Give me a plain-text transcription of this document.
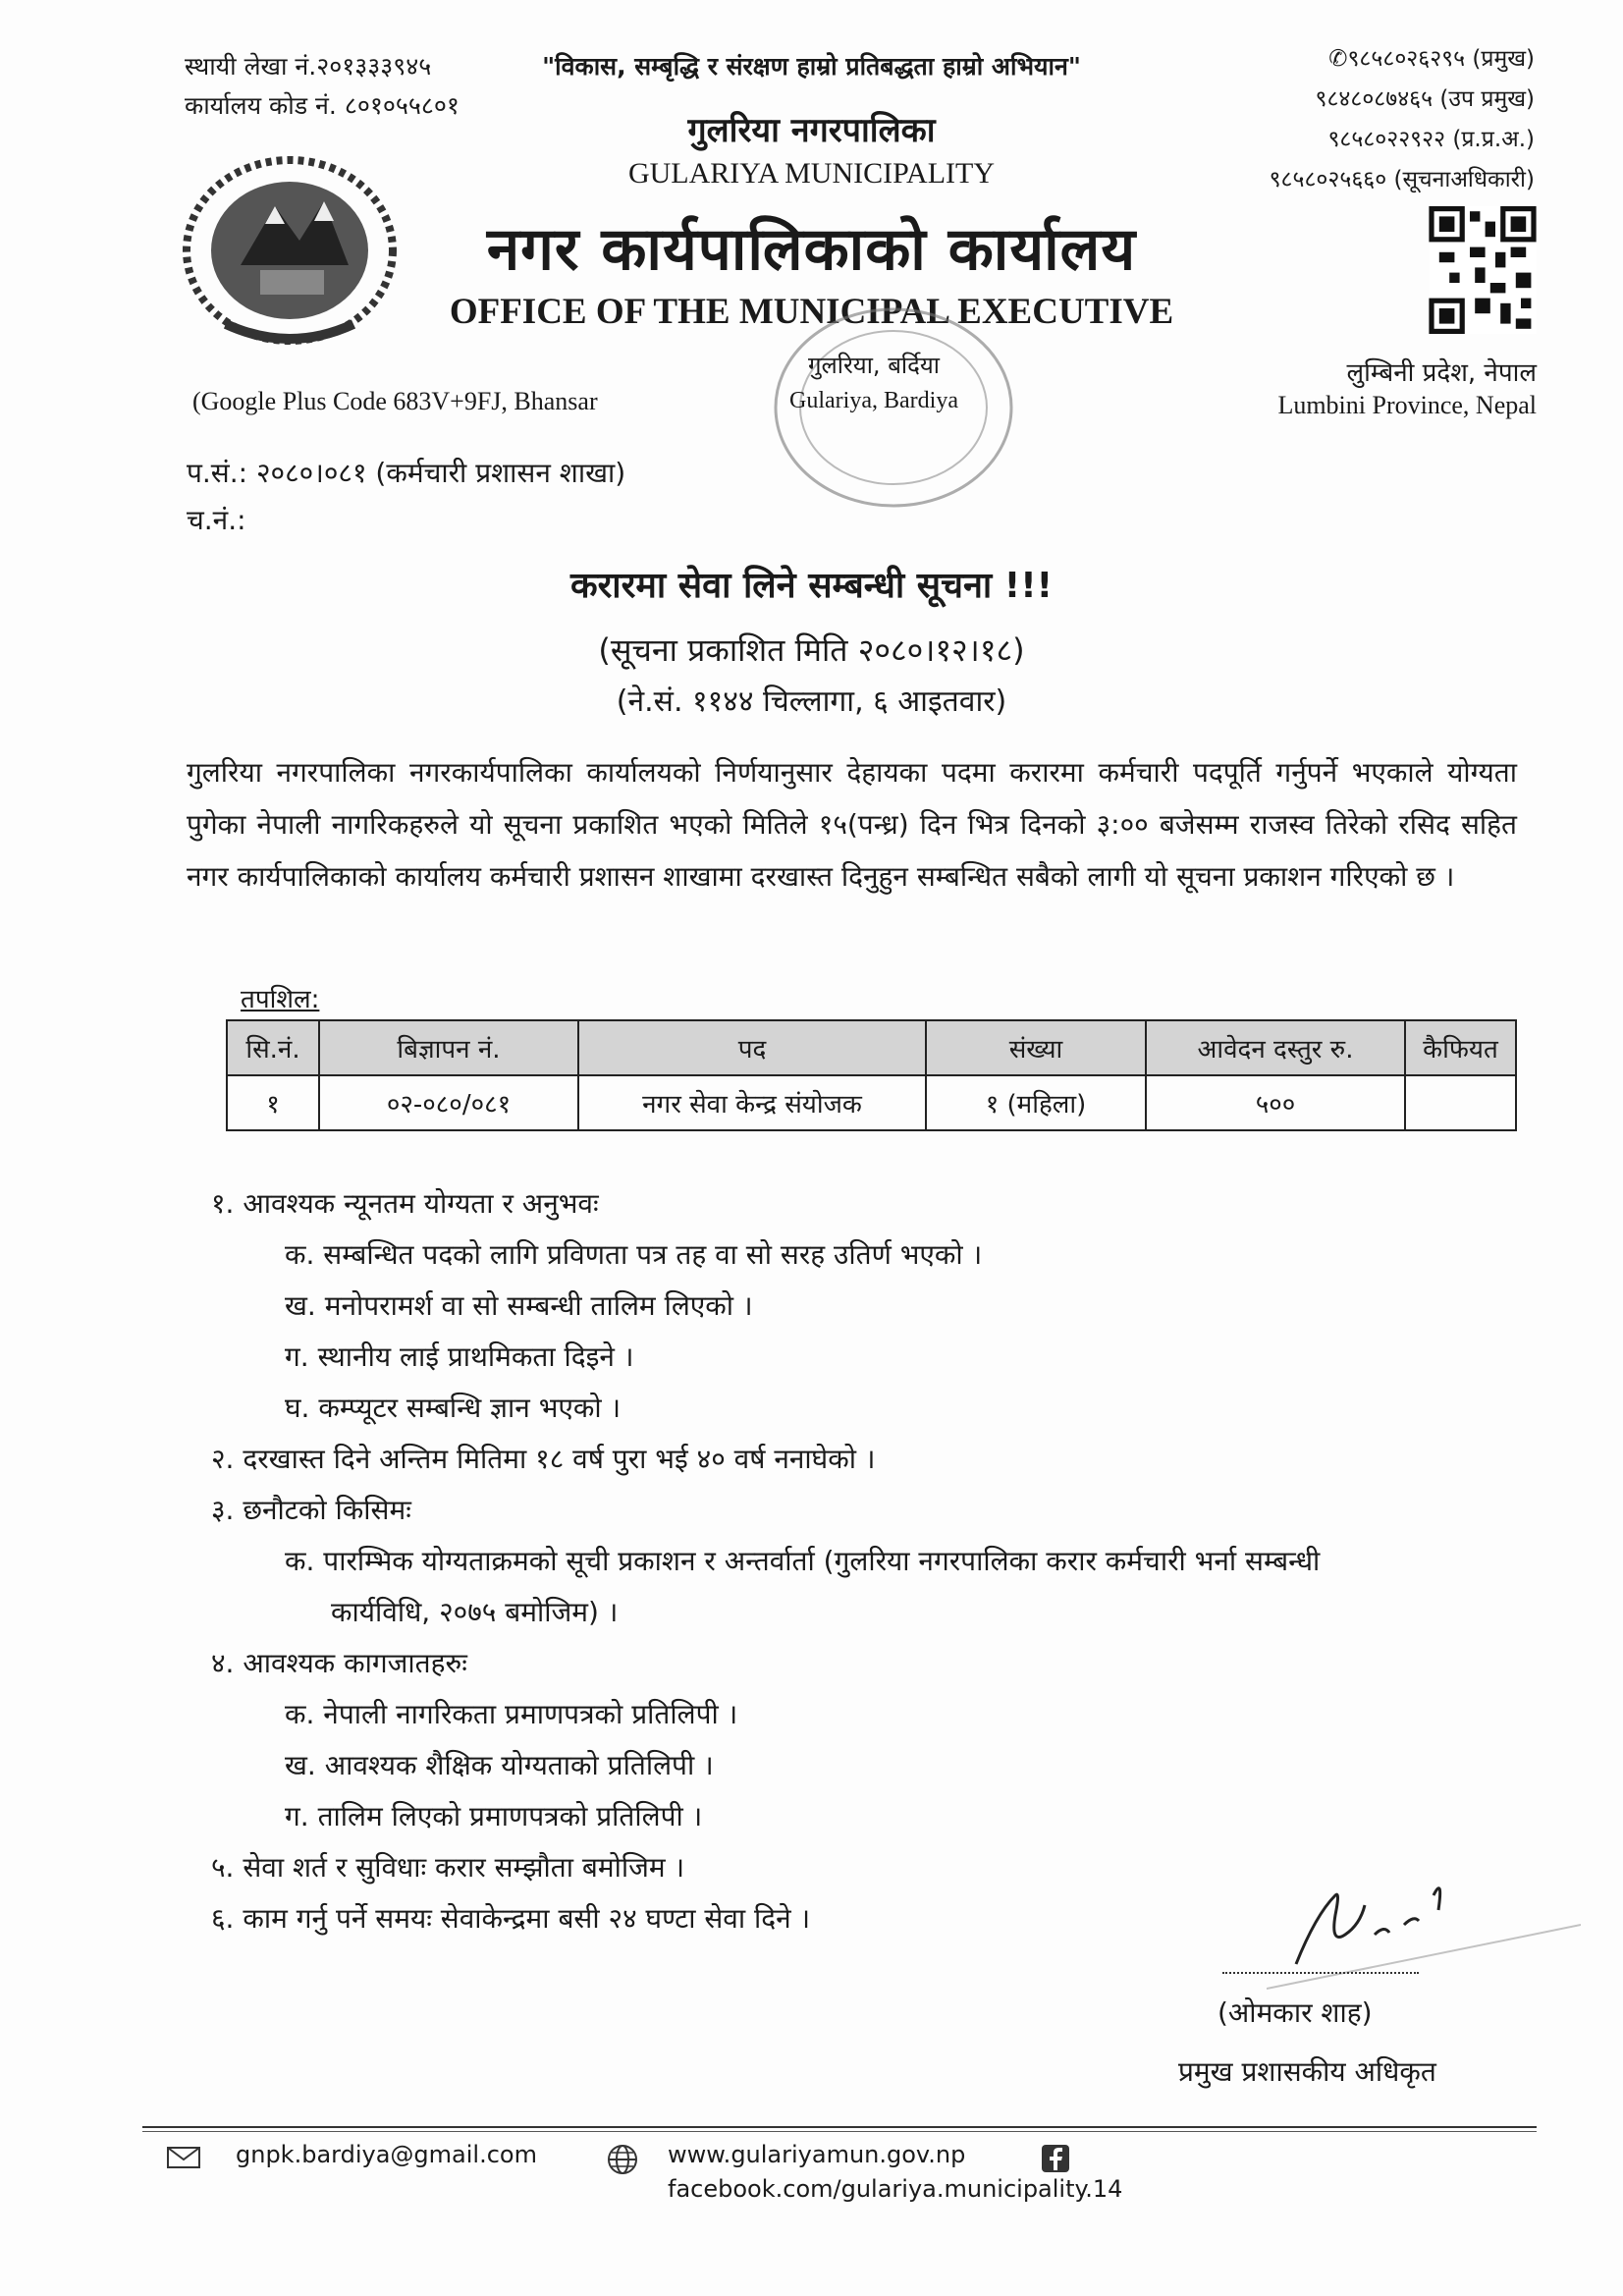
स्थायी लेखा नं.२०१३३३९४५
कार्यालय कोड नं. ८०१०५५८०१
"विकास, सम्बृद्धि र संरक्षण हाम्रो प्रतिबद्धता हाम्रो अभियान"
गुलरिया नगरपालिका
GULARIYA MUNICIPALITY
नगर कार्यपालिकाको कार्यालय
OFFICE OF THE MUNICIPAL EXECUTIVE
✆९८५८०२६२९५ (प्रमुख)
९८४८०८७४६५ (उप प्रमुख)
९८५८०२२९२२ (प्र.प्र.अ.)
९८५८०२५६६० (सूचनाअधिकारी)
लुम्बिनी प्रदेश, नेपाल
Lumbini Province, Nepal
(Google Plus Code 683V+9FJ, Bhansar
गुलरिया, बर्दिया
Gulariya, Bardiya
प.सं.: २०८०।०८१ (कर्मचारी प्रशासन शाखा)
च.नं.:
करारमा सेवा लिने सम्बन्धी सूचना !!!
(सूचना प्रकाशित मिति २०८०।१२।१८)
(ने.सं. ११४४ चिल्लागा, ६ आइतवार)
गुलरिया नगरपालिका नगरकार्यपालिका कार्यालयको निर्णयानुसार देहायका पदमा करारमा कर्मचारी पदपूर्ति गर्नुपर्ने भएकाले योग्यता पुगेका नेपाली नागरिकहरुले यो सूचना प्रकाशित भएको मितिले १५(पन्ध्र) दिन भित्र दिनको ३:०० बजेसम्म राजस्व तिरेको रसिद सहित नगर कार्यपालिकाको कार्यालय कर्मचारी प्रशासन शाखामा दरखास्त दिनुहुन सम्बन्धित सबैको लागी यो सूचना प्रकाशन गरिएको छ ।
तपशिल:
सि.नं.	बिज्ञापन नं.	पद	संख्या	आवेदन दस्तुर रु.	कैफियत
१	०२-०८०/०८१	नगर सेवा केन्द्र संयोजक	१ (महिला)	५००	
१. आवश्यक न्यूनतम योग्यता र अनुभवः
क. सम्बन्धित पदको लागि प्रविणता पत्र तह वा सो सरह उतिर्ण भएको ।
ख. मनोपरामर्श वा सो सम्बन्धी तालिम लिएको ।
ग. स्थानीय लाई प्राथमिकता दिइने ।
घ. कम्प्यूटर सम्बन्धि ज्ञान भएको ।
२. दरखास्त दिने अन्तिम मितिमा १८ वर्ष पुरा भई ४० वर्ष ननाघेको ।
३. छनौटको किसिमः
क. पारम्भिक योग्यताक्रमको सूची प्रकाशन र अन्तर्वार्ता (गुलरिया नगरपालिका करार कर्मचारी भर्ना सम्बन्धी
कार्यविधि, २०७५ बमोजिम) ।
४. आवश्यक कागजातहरुः
क. नेपाली नागरिकता प्रमाणपत्रको प्रतिलिपी ।
ख. आवश्यक शैक्षिक योग्यताको प्रतिलिपी ।
ग. तालिम लिएको प्रमाणपत्रको प्रतिलिपी ।
५. सेवा शर्त र सुविधाः करार सम्झौता बमोजिम ।
६. काम गर्नु पर्ने समयः सेवाकेन्द्रमा बसी २४ घण्टा सेवा दिने ।
(ओमकार शाह)
प्रमुख प्रशासकीय अधिकृत
gnpk.bardiya@gmail.com	www.gulariyamun.gov.np
facebook.com/gulariya.municipality.14
